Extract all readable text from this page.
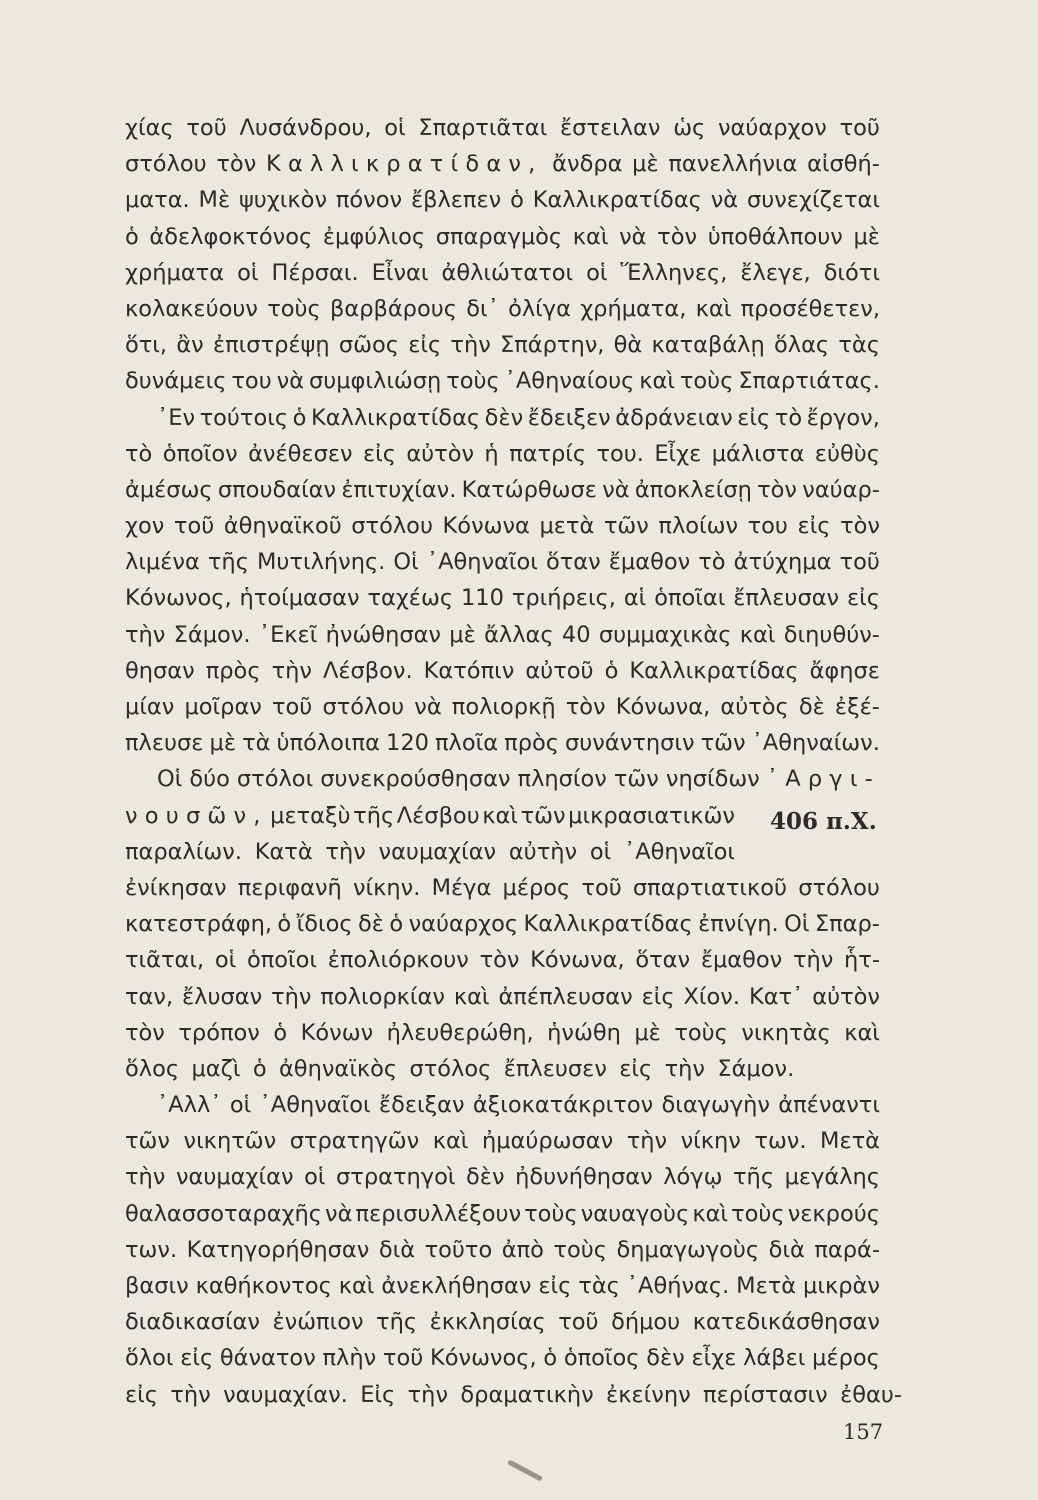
χίας τοῦ Λυσάνδρου, οἱ Σπαρτιᾶται ἔστειλαν ὡς ναύαρχον τοῦ
στόλου τὸν Καλλικρατίδαν, ἄνδρα μὲ πανελλήνια αἰσθή-
ματα. Μὲ ψυχικὸν πόνον ἔβλεπεν ὁ Καλλικρατίδας νὰ συνεχίζεται
ὁ ἀδελφοκτόνος ἐμφύλιος σπαραγμὸς καὶ νὰ τὸν ὑποθάλπουν μὲ
χρήματα οἱ Πέρσαι. Εἶναι ἀθλιώτατοι οἱ Ἕλληνες, ἔλεγε, διότι
κολακεύουν τοὺς βαρβάρους δι᾽ ὀλίγα χρήματα, καὶ προσέθετεν,
ὅτι, ἂν ἐπιστρέψῃ σῶος εἰς τὴν Σπάρτην, θὰ καταβάλῃ ὅλας τὰς
δυνάμεις του νὰ συμφιλιώσῃ τοὺς ᾽Αθηναίους καὶ τοὺς Σπαρτιάτας.
᾽Εν τούτοις ὁ Καλλικρατίδας δὲν ἔδειξεν ἀδράνειαν εἰς τὸ ἔργον,
τὸ ὁποῖον ἀνέθεσεν εἰς αὐτὸν ἡ πατρίς του. Εἶχε μάλιστα εὐθὺς
ἀμέσως σπουδαίαν ἐπιτυχίαν. Κατώρθωσε νὰ ἀποκλείσῃ τὸν ναύαρ-
χον τοῦ ἀθηναϊκοῦ στόλου Κόνωνα μετὰ τῶν πλοίων του εἰς τὸν
λιμένα τῆς Μυτιλήνης. Οἱ ᾽Αθηναῖοι ὅταν ἔμαθον τὸ ἀτύχημα τοῦ
Κόνωνος, ἡτοίμασαν ταχέως 110 τριήρεις, αἱ ὁποῖαι ἔπλευσαν εἰς
τὴν Σάμον. ᾽Εκεῖ ἠνώθησαν μὲ ἄλλας 40 συμμαχικὰς καὶ διηυθύν-
θησαν πρὸς τὴν Λέσβον. Κατόπιν αὐτοῦ ὁ Καλλικρατίδας ἄφησε
μίαν μοῖραν τοῦ στόλου νὰ πολιορκῇ τὸν Κόνωνα, αὐτὸς δὲ ἐξέ-
πλευσε μὲ τὰ ὑπόλοιπα 120 πλοῖα πρὸς συνάντησιν τῶν ᾽Αθηναίων.
Οἱ δύο στόλοι συνεκρούσθησαν πλησίον τῶν νησίδων ᾽Αργι-
νουσῶν, μεταξὺ τῆς Λέσβου καὶ τῶν μικρασιατικῶν
παραλίων. Κατὰ τὴν ναυμαχίαν αὐτὴν οἱ ᾽Αθηναῖοι
ἐνίκησαν περιφανῆ νίκην. Μέγα μέρος τοῦ σπαρτιατικοῦ στόλου
κατεστράφη, ὁ ἴδιος δὲ ὁ ναύαρχος Καλλικρατίδας ἐπνίγη. Οἱ Σπαρ-
τιᾶται, οἱ ὁποῖοι ἐπολιόρκουν τὸν Κόνωνα, ὅταν ἔμαθον τὴν ἧτ-
ταν, ἔλυσαν τὴν πολιορκίαν καὶ ἀπέπλευσαν εἰς Χίον. Κατ᾽ αὐτὸν
τὸν τρόπον ὁ Κόνων ἠλευθερώθη, ἡνώθη μὲ τοὺς νικητὰς καὶ
ὅλος μαζὶ ὁ ἀθηναϊκὸς στόλος ἔπλευσεν εἰς τὴν Σάμον.
᾽Αλλ᾽ οἱ ᾽Αθηναῖοι ἔδειξαν ἀξιοκατάκριτον διαγωγὴν ἀπέναντι
τῶν νικητῶν στρατηγῶν καὶ ἠμαύρωσαν τὴν νίκην των. Μετὰ
τὴν ναυμαχίαν οἱ στρατηγοὶ δὲν ἠδυνήθησαν λόγῳ τῆς μεγάλης
θαλασσοταραχῆς νὰ περισυλλέξουν τοὺς ναυαγοὺς καὶ τοὺς νεκρούς
των. Κατηγορήθησαν διὰ τοῦτο ἀπὸ τοὺς δημαγωγοὺς διὰ παρά-
βασιν καθήκοντος καὶ ἀνεκλήθησαν εἰς τὰς ᾽Αθήνας. Μετὰ μικρὰν
διαδικασίαν ἐνώπιον τῆς ἐκκλησίας τοῦ δήμου κατεδικάσθησαν
ὅλοι εἰς θάνατον πλὴν τοῦ Κόνωνος, ὁ ὁποῖος δὲν εἶχε λάβει μέρος
εἰς τὴν ναυμαχίαν. Εἰς τὴν δραματικὴν ἐκείνην περίστασιν ἐθαυ-
406 π.Χ.
157
